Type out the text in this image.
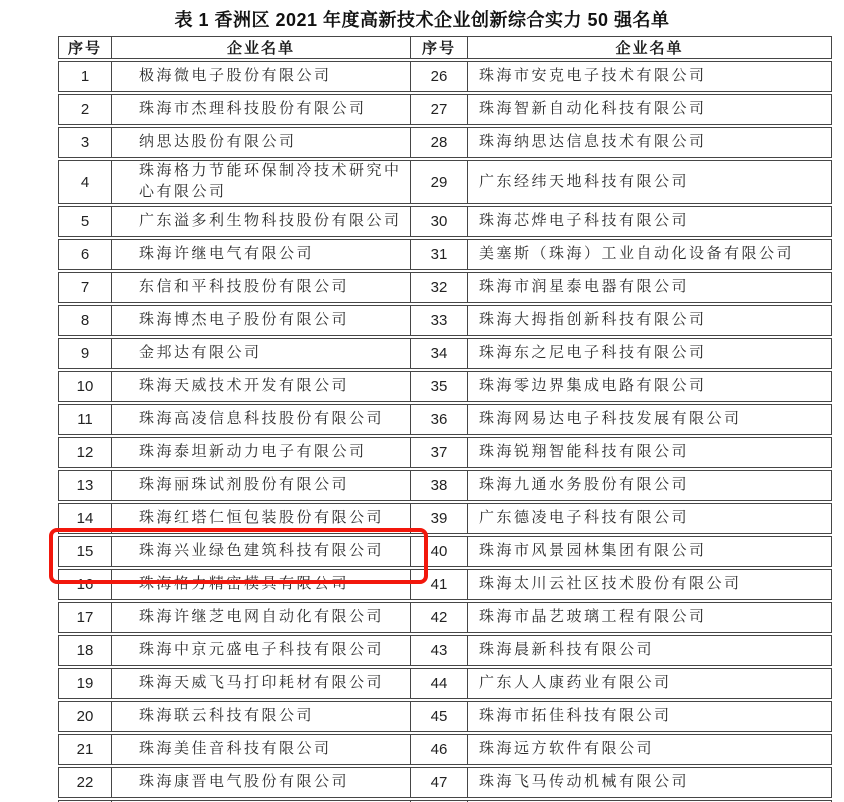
表 1 香洲区 2021 年度高新技术企业创新综合实力 50 强名单
序号	企业名单	序号	企业名单
1	极海微电子股份有限公司	26	珠海市安克电子技术有限公司
2	珠海市杰理科技股份有限公司	27	珠海智新自动化科技有限公司
3	纳思达股份有限公司	28	珠海纳思达信息技术有限公司
4	珠海格力节能环保制冷技术研究中心有限公司	29	广东经纬天地科技有限公司
5	广东溢多利生物科技股份有限公司	30	珠海芯烨电子科技有限公司
6	珠海许继电气有限公司	31	美塞斯（珠海）工业自动化设备有限公司
7	东信和平科技股份有限公司	32	珠海市润星泰电器有限公司
8	珠海博杰电子股份有限公司	33	珠海大拇指创新科技有限公司
9	金邦达有限公司	34	珠海东之尼电子科技有限公司
10	珠海天威技术开发有限公司	35	珠海零边界集成电路有限公司
11	珠海高凌信息科技股份有限公司	36	珠海网易达电子科技发展有限公司
12	珠海泰坦新动力电子有限公司	37	珠海锐翔智能科技有限公司
13	珠海丽珠试剂股份有限公司	38	珠海九通水务股份有限公司
14	珠海红塔仁恒包装股份有限公司	39	广东德凌电子科技有限公司
15	珠海兴业绿色建筑科技有限公司	40	珠海市风景园林集团有限公司
16	珠海格力精密模具有限公司	41	珠海太川云社区技术股份有限公司
17	珠海许继芝电网自动化有限公司	42	珠海市晶艺玻璃工程有限公司
18	珠海中京元盛电子科技有限公司	43	珠海晨新科技有限公司
19	珠海天威飞马打印耗材有限公司	44	广东人人康药业有限公司
20	珠海联云科技有限公司	45	珠海市拓佳科技有限公司
21	珠海美佳音科技有限公司	46	珠海远方软件有限公司
22	珠海康晋电气股份有限公司	47	珠海飞马传动机械有限公司
